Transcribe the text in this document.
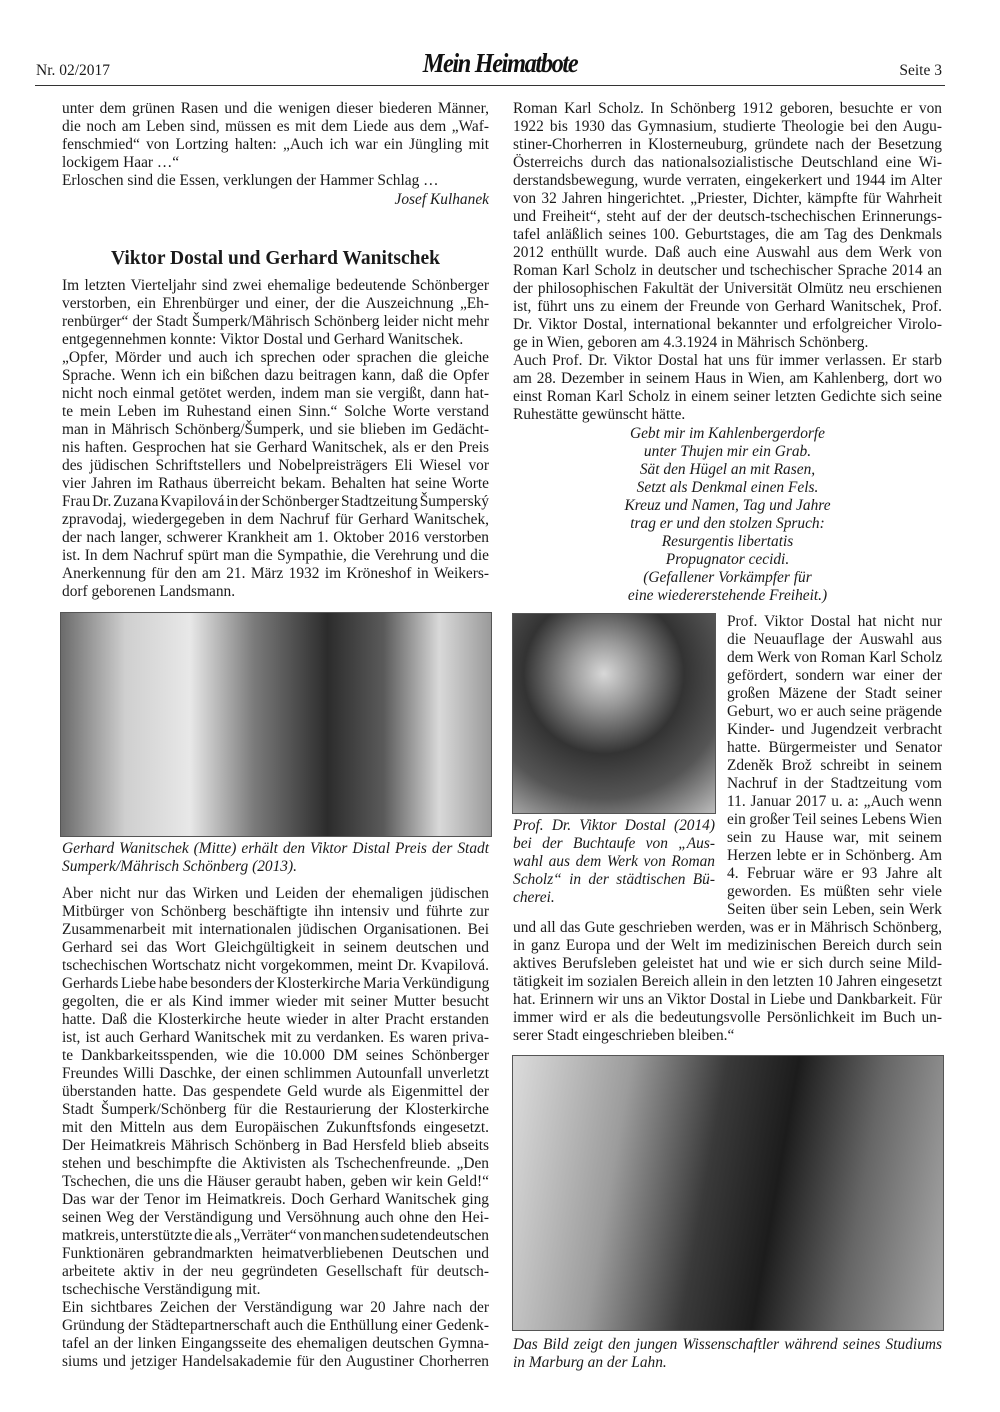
Nr. 02/2017	Mein Heimatbote	Seite 3
unter dem grünen Rasen und die wenigen dieser biederen Männer,
die noch am Leben sind, müssen es mit dem Liede aus dem „Waf-
fenschmied“ von Lortzing halten: „Auch ich war ein Jüngling mit
lockigem Haar …“
Erloschen sind die Essen, verklungen der Hammer Schlag …
Josef Kulhanek
Viktor Dostal und Gerhard Wanitschek
Im letzten Vierteljahr sind zwei ehemalige bedeutende Schönberger
verstorben, ein Ehrenbürger und einer, der die Auszeichnung „Eh-
renbürger“ der Stadt Šumperk/Mährisch Schönberg leider nicht mehr
entgegennehmen konnte: Viktor Dostal und Gerhard Wanitschek.
„Opfer, Mörder und auch ich sprechen oder sprachen die gleiche
Sprache. Wenn ich ein bißchen dazu beitragen kann, daß die Opfer
nicht noch einmal getötet werden, indem man sie vergißt, dann hat-
te mein Leben im Ruhestand einen Sinn.“ Solche Worte verstand
man in Mährisch Schönberg/Šumperk, und sie blieben im Gedächt-
nis haften. Gesprochen hat sie Gerhard Wanitschek, als er den Preis
des jüdischen Schriftstellers und Nobelpreisträgers Eli Wiesel vor
vier Jahren im Rathaus überreicht bekam. Behalten hat seine Worte
Frau Dr. Zuzana Kvapilová in der Schönberger Stadtzeitung Šumperský
zpravodaj, wiedergegeben in dem Nachruf für Gerhard Wanitschek,
der nach langer, schwerer Krankheit am 1. Oktober 2016 verstorben
ist. In dem Nachruf spürt man die Sympathie, die Verehrung und die
Anerkennung für den am 21. März 1932 im Kröneshof in Weikers-
dorf geborenen Landsmann.
Gerhard Wanitschek (Mitte) erhält den Viktor Distal Preis der Stadt
Sumperk/Mährisch Schönberg (2013).
Aber nicht nur das Wirken und Leiden der ehemaligen jüdischen
Mitbürger von Schönberg beschäftigte ihn intensiv und führte zur
Zusammenarbeit mit internationalen jüdischen Organisationen. Bei
Gerhard sei das Wort Gleichgültigkeit in seinem deutschen und
tschechischen Wortschatz nicht vorgekommen, meint Dr. Kvapilová.
Gerhards Liebe habe besonders der Klosterkirche Maria Verkündigung
gegolten, die er als Kind immer wieder mit seiner Mutter besucht
hatte. Daß die Klosterkirche heute wieder in alter Pracht erstanden
ist, ist auch Gerhard Wanitschek mit zu verdanken. Es waren priva-
te Dankbarkeitsspenden, wie die 10.000 DM seines Schönberger
Freundes Willi Daschke, der einen schlimmen Autounfall unverletzt
überstanden hatte. Das gespendete Geld wurde als Eigenmittel der
Stadt Šumperk/Schönberg für die Restaurierung der Klosterkirche
mit den Mitteln aus dem Europäischen Zukunftsfonds eingesetzt.
Der Heimatkreis Mährisch Schönberg in Bad Hersfeld blieb abseits
stehen und beschimpfte die Aktivisten als Tschechenfreunde. „Den
Tschechen, die uns die Häuser geraubt haben, geben wir kein Geld!“
Das war der Tenor im Heimatkreis. Doch Gerhard Wanitschek ging
seinen Weg der Verständigung und Versöhnung auch ohne den Hei-
matkreis, unterstützte die als „Verräter“ von manchen sudetendeutschen
Funktionären gebrandmarkten heimatverbliebenen Deutschen und
arbeitete aktiv in der neu gegründeten Gesellschaft für deutsch-
tschechische Verständigung mit.
Ein sichtbares Zeichen der Verständigung war 20 Jahre nach der
Gründung der Städtepartnerschaft auch die Enthüllung einer Gedenk-
tafel an der linken Eingangsseite des ehemaligen deutschen Gymna-
siums und jetziger Handelsakademie für den Augustiner Chorherren
Roman Karl Scholz. In Schönberg 1912 geboren, besuchte er von
1922 bis 1930 das Gymnasium, studierte Theologie bei den Augu-
stiner-Chorherren in Klosterneuburg, gründete nach der Besetzung
Österreichs durch das nationalsozialistische Deutschland eine Wi-
derstandsbewegung, wurde verraten, eingekerkert und 1944 im Alter
von 32 Jahren hingerichtet. „Priester, Dichter, kämpfte für Wahrheit
und Freiheit“, steht auf der der deutsch-tschechischen Erinnerungs-
tafel anläßlich seines 100. Geburtstages, die am Tag des Denkmals
2012 enthüllt wurde. Daß auch eine Auswahl aus dem Werk von
Roman Karl Scholz in deutscher und tschechischer Sprache 2014 an
der philosophischen Fakultät der Universität Olmütz neu erschienen
ist, führt uns zu einem der Freunde von Gerhard Wanitschek, Prof.
Dr. Viktor Dostal, international bekannter und erfolgreicher Virolo-
ge in Wien, geboren am 4.3.1924 in Mährisch Schönberg.
Auch Prof. Dr. Viktor Dostal hat uns für immer verlassen. Er starb
am 28. Dezember in seinem Haus in Wien, am Kahlenberg, dort wo
einst Roman Karl Scholz in einem seiner letzten Gedichte sich seine
Ruhestätte gewünscht hätte.
Gebt mir im Kahlenbergerdorfe
unter Thujen mir ein Grab.
Sät den Hügel an mit Rasen,
Setzt als Denkmal einen Fels.
Kreuz und Namen, Tag und Jahre
trag er und den stolzen Spruch:
Resurgentis libertatis
Propugnator cecidi.
(Gefallener Vorkämpfer für
eine wiedererstehende Freiheit.)
Prof. Dr. Viktor Dostal (2014)
bei der Buchtaufe von „Aus-
wahl aus dem Werk von Roman
Scholz“ in der städtischen Bü-
cherei.
Prof. Viktor Dostal hat nicht nur
die Neuauflage der Auswahl aus
dem Werk von Roman Karl Scholz
gefördert, sondern war einer der
großen Mäzene der Stadt seiner
Geburt, wo er auch seine prägende
Kinder- und Jugendzeit verbracht
hatte. Bürgermeister und Senator
Zdeněk Brož schreibt in seinem
Nachruf in der Stadtzeitung vom
11. Januar 2017 u. a: „Auch wenn
ein großer Teil seines Lebens Wien
sein zu Hause war, mit seinem
Herzen lebte er in Schönberg. Am
4. Februar wäre er 93 Jahre alt
geworden. Es müßten sehr viele
Seiten über sein Leben, sein Werk
und all das Gute geschrieben werden, was er in Mährisch Schönberg,
in ganz Europa und der Welt im medizinischen Bereich durch sein
aktives Berufsleben geleistet hat und wie er sich durch seine Mild-
tätigkeit im sozialen Bereich allein in den letzten 10 Jahren eingesetzt
hat. Erinnern wir uns an Viktor Dostal in Liebe und Dankbarkeit. Für
immer wird er als die bedeutungsvolle Persönlichkeit im Buch un-
serer Stadt eingeschrieben bleiben.“
Das Bild zeigt den jungen Wissenschaftler während seines Studiums
in Marburg an der Lahn.
